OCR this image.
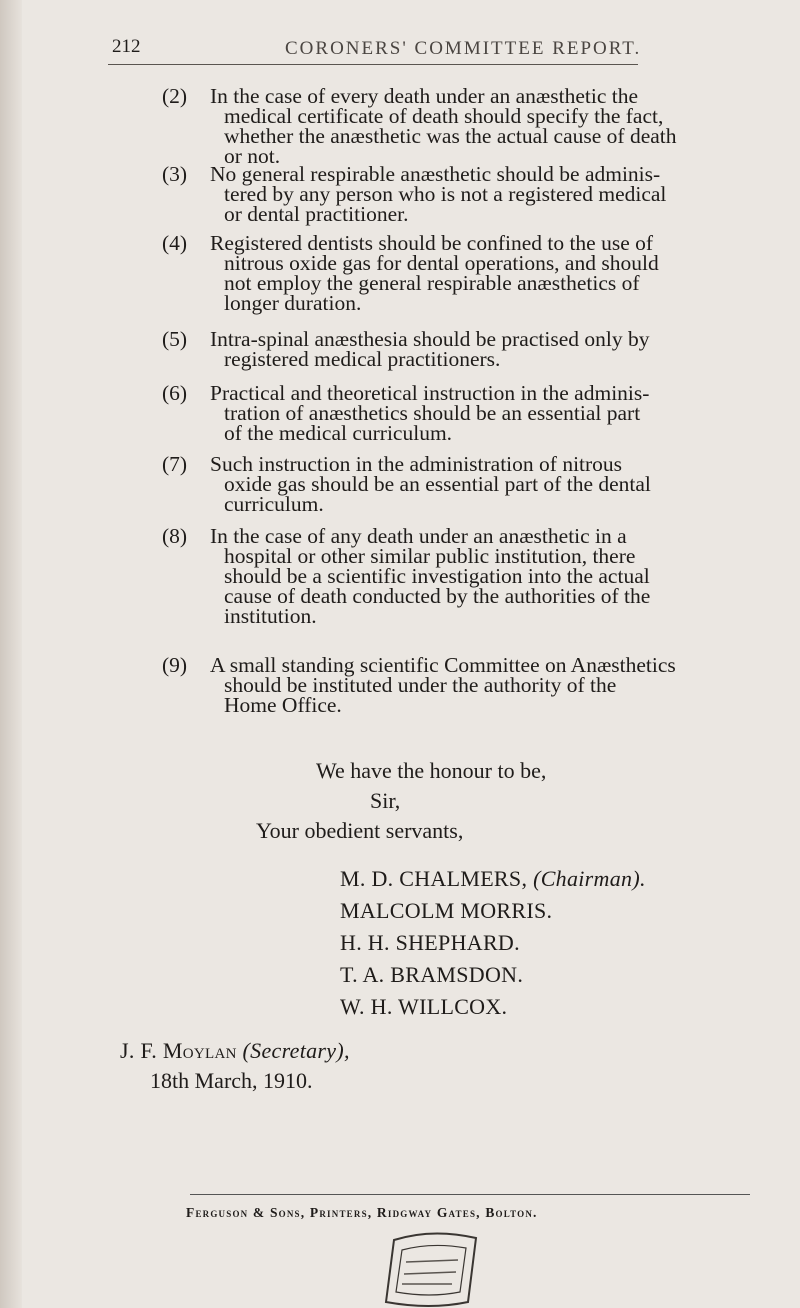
212	CORONERS' COMMITTEE REPORT.
(2)	In the case of every death under an anæsthetic the
medical certificate of death should specify the fact,
whether the anæsthetic was the actual cause of death
or not.
(3)	No general respirable anæsthetic should be adminis-
tered by any person who is not a registered medical
or dental practitioner.
(4)	Registered dentists should be confined to the use of
nitrous oxide gas for dental operations, and should
not employ the general respirable anæsthetics of
longer duration.
(5)	Intra-spinal anæsthesia should be practised only by
registered medical practitioners.
(6)	Practical and theoretical instruction in the adminis-
tration of anæsthetics should be an essential part
of the medical curriculum.
(7)	Such instruction in the administration of nitrous
oxide gas should be an essential part of the dental
curriculum.
(8)	In the case of any death under an anæsthetic in a
hospital or other similar public institution, there
should be a scientific investigation into the actual
cause of death conducted by the authorities of the
institution.
(9)	A small standing scientific Committee on Anæsthetics
should be instituted under the authority of the
Home Office.
We have the honour to be,
Sir,
Your obedient servants,
M. D. CHALMERS, (Chairman).
MALCOLM MORRIS.
H. H. SHEPHARD.
T. A. BRAMSDON.
W. H. WILLCOX.
J. F. Moylan (Secretary),
18th March, 1910.
Ferguson & Sons, Printers, Ridgway Gates, Bolton.
